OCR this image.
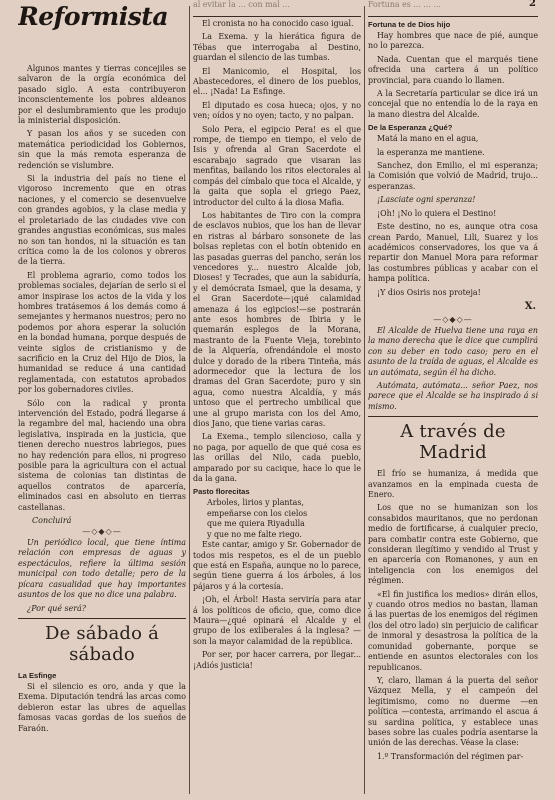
Reformista

Algunos mantes y tierras concejiles se salvaron de la orgía económica del pasado siglo. A esta contribuyeron inconscientemente los pobres aldeanos por el deslumbramiento que les produjo la ministerial disposición.

Y pasan los años y se suceden con matemática periodicidad los Gobiernos, sin que la más remota esperanza de redención se vislumbre.

Si la industria del país no tiene el vigoroso incremento que en otras naciones, y el comercio se desenvuelve con grandes agobios, y la clase media y el proletariado de las ciudades vive con grandes angustias económicas, sus males no son tan hondos, ni la situación es tan crítica como la de los colonos y obreros de la tierra.

El problema agrario, como todos los problemas sociales, dejarían de serlo si el amor inspirase los actos de la vida y los hombres tratásemos á los demás como á semejantes y hermanos nuestros; pero no podemos por ahora esperar la solución en la bondad humana, porque después de veinte siglos de cristianismo y de sacrificio en la Cruz del Hijo de Dios, la humanidad se reduce á una cantidad reglamentada, con estatutos aprobados por los gobernadores civiles.

Sólo con la radical y pronta intervención del Estado, podrá llegarse á la regambre del mal, haciendo una obra legislativa, inspirada en la justicia, que tienen derecho nuestros labriegos, pues no hay redención para ellos, ni progreso posible para la agricultura con el actual sistema de colonias tan distintas de aquellos contratos de aparcería, eliminados casi en absoluto en tierras castellanas.

Concluirá
—◇◆◇—

Un periódico local, que tiene íntima relación con empresas de aguas y espectáculos, refiere la última sesión municipal con todo detalle; pero de la pícara casualidad que hay importantes asuntos de los que no dice una palabra.

¿Por qué será?

De sábado á sábado
La Esfinge

Si el silencio es oro, anda y que la Exema. Diputación tendrá las arcas como debieron estar las ubres de aquellas famosas vacas gordas de los sueños de Faraón.

al evitar la ... con mal ...

El cronista no ha conocido caso igual.

La Exema. y la hierática figura de Tébas que interrogaba al Destino, guardan el silencio de las tumbas.

El Manicomio, el Hospital, los Abastecedores, el dinero de los pueblos, el... ¡Nada! La Esfinge.

El diputado es cosa hueca; ojos, y no ven; oídos y no oyen; tacto, y no palpan.

Solo Pera, el egipcio Pera! es el que rompe, de tiempo en tiempo, el velo de Isis y ofrenda al Gran Sacerdote el escarabajo sagrado que visaran las menfitas, bailando los ritos electorales al compás del címbalo que toca el Alcalde, y la gaita que sopla el griego Paez, introductor del culto á la diosa Mafia.

Los habitantes de Tiro con la compra de esclavos nubios, que los han de llevar en ristras al bárbaro sonsonete de las bolsas repletas con el botín obtenido en las pasadas guerras del pancho, serán los vencedores y... nuestro Alcalde job, Dioses! y Tecrades, que aun la sabiduría, y el demócrata Ismael, que la desama, y el Gran Sacerdote—¡qué calamidad amenaza á los egipcios!—se postrarán ante esos hombres de Ibiria y le quemarán esplegos de la Morana, mastranto de la Fuente Vieja, torebinto de la Alquería, ofrendándole el mosto dulce y dorado de la ribera Tinteña, más adormecedor que la lectura de los dramas del Gran Sacerdote; puro y sin agua, como nuestra Alcaldía, y más untoso que el pertrecho umbilical que une al grupo marista con los del Amo, dios Jano, que tiene varias caras.

La Exema., templo silencioso, calla y no paga, por aquello de que qué cosa es las orillas del Nilo, cada pueblo, amparado por su cacique, hace lo que le da la gana.

Pasto florecitas

Arboles, lirios y plantas,

empeñarse con los cielos

que me quiera Riyadulla

y que no me falte riego.

Este cantar, amigo y Sr. Gobernador de todos mis respetos, es el de un pueblo que está en España, aunque no lo parece, según tiene guerra á los árboles, á los pájaros y á la cortesía.

¡Oh, el Árbol! Hasta serviría para atar á los políticos de oficio, que, como dice Maura—¿qué opinará el Alcalde y el grupo de los exliberales á la inglesa? —son la mayor calamidad de la república.

Por ser, por hacer carrera, por llegar... ¡Adiós justicia!

Fortuna es ... ... ...	2
Fortuna te de Dios hijo

Hay hombres que nace de pié, aunque no lo parezca.

Nada. Cuentan que el marqués tiene ofrecida una cartera á un político provincial, para cuando lo llamen.

A la Secretaría particular se dice irá un concejal que no entendía lo de la raya en la mano diestra del Alcalde.

De la Esperanza ¿Qué?

Matá la mano en el agua,

la esperanza me mantiene.

Sanchez, don Emilio, el mi esperanza; la Comisión que volvió de Madrid, trujo... esperanzas.

¡Lasciate ogni speranza!

¡Oh! ¡No lo quiera el Destino!

Este destino, no es, aunque otra cosa crean Pardo, Manuel, Lili, Suarez y los académicos conservadores, los que va á repartir don Manuel Mora para reformar las costumbres públicas y acabar con el hampa política.

¡Y dios Osiris nos proteja!

X.
—◇◆◇—

El Alcalde de Huelva tiene una raya en la mano derecha que le dice que cumplirá con su deber en todo caso; pero en el asunto de la traída de aguas, el Alcalde es un autómata, según él ha dicho.

Autómata, autómata... señor Paez, nos parece que el Alcalde se ha inspirado á sí mismo.

A través de Madrid

El frío se humaniza, á medida que avanzamos en la empinada cuesta de Enero.

Los que no se humanizan son los consabidos mauritanos, que no perdonan medio de fortificarse, á cualquier precio, para combatir contra este Gobierno, que consideran ilegítimo y vendido al Trust y en aparcería con Romanones, y aun en inteligencia con los enemigos del régimen.

«El fin justifica los medios» dirán ellos, y cuando otros medios no bastan, llaman á las puertas de los enemigos del régimen (los del otro lado) sin perjuicio de calificar de inmoral y desastrosa la política de la comunidad gobernante, porque se entiende en asuntos electorales con los republicanos.

Y, claro, llaman á la puerta del señor Vázquez Mella, y el campeón del legitimismo, como no duerme —en política —contesta, arrimando el ascua á su sardina política, y establece unas bases sobre las cuales podría asentarse la unión de las derechas. Véase la clase:

1.º Transformación del régimen par-
